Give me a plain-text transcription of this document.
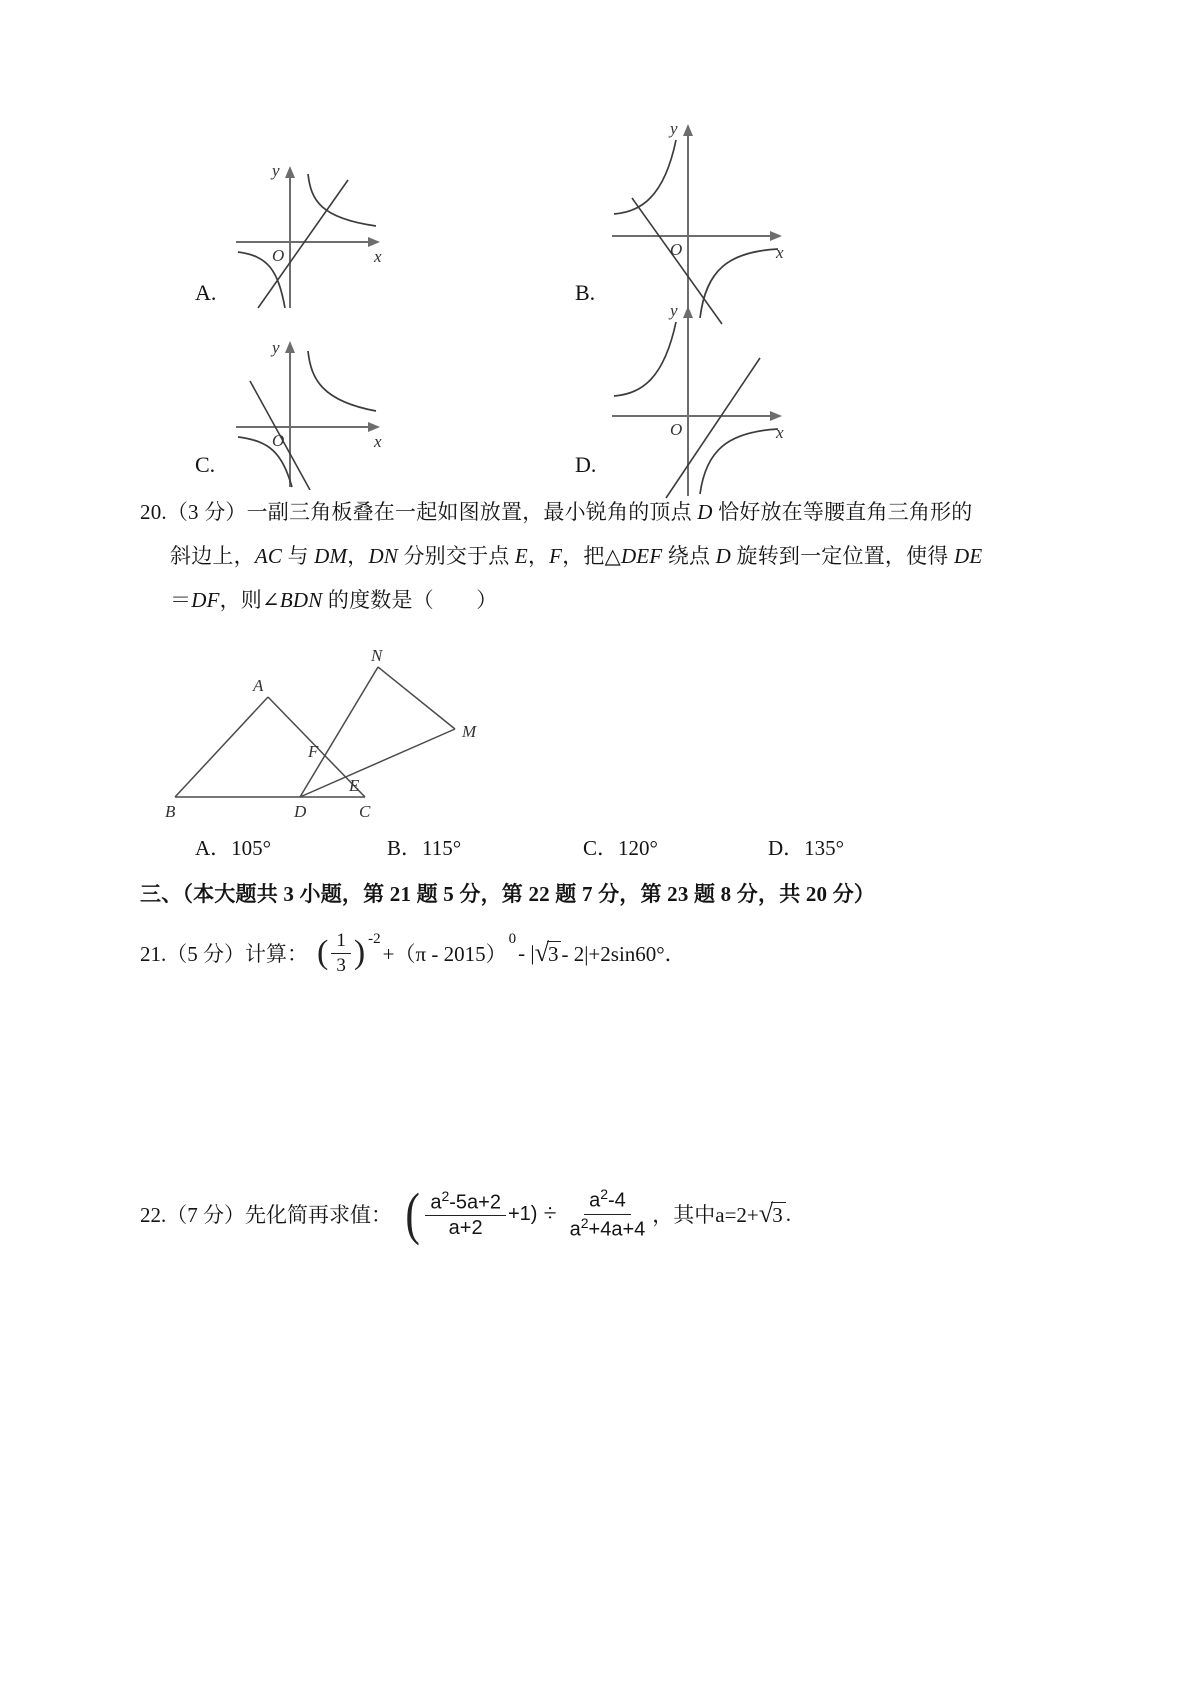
y
x
O
A.
y
x
O
B.
y
x
O
C.
y
x
O
D.
20.（3 分）一副三角板叠在一起如图放置，最小锐角的顶点 D 恰好放在等腰直角三角形的
斜边上，AC 与 DM，DN 分别交于点 E，F，把△DEF 绕点 D 旋转到一定位置，使得 DE
＝DF，则∠BDN 的度数是（　　）

A
N
M
F
E
B	D	C
A．105°	B．115°	C．120°	D．135°
三、（本大题共 3 小题，第 21 题 5 分，第 22 题 7 分，第 23 题 8 分，共 20 分）
21.（5 分）计算： ( $\frac{1}{3}$ ) -2
+（π - 2015）
0
- | √3 - 2|+2sin60°．
22.（7 分）先化简再求值： ( $\frac{a^2-5a+2}{a+2} +1) \div \frac{a^2-4}{a^2+4a+4}$ ，其中a=2+ √3 .
